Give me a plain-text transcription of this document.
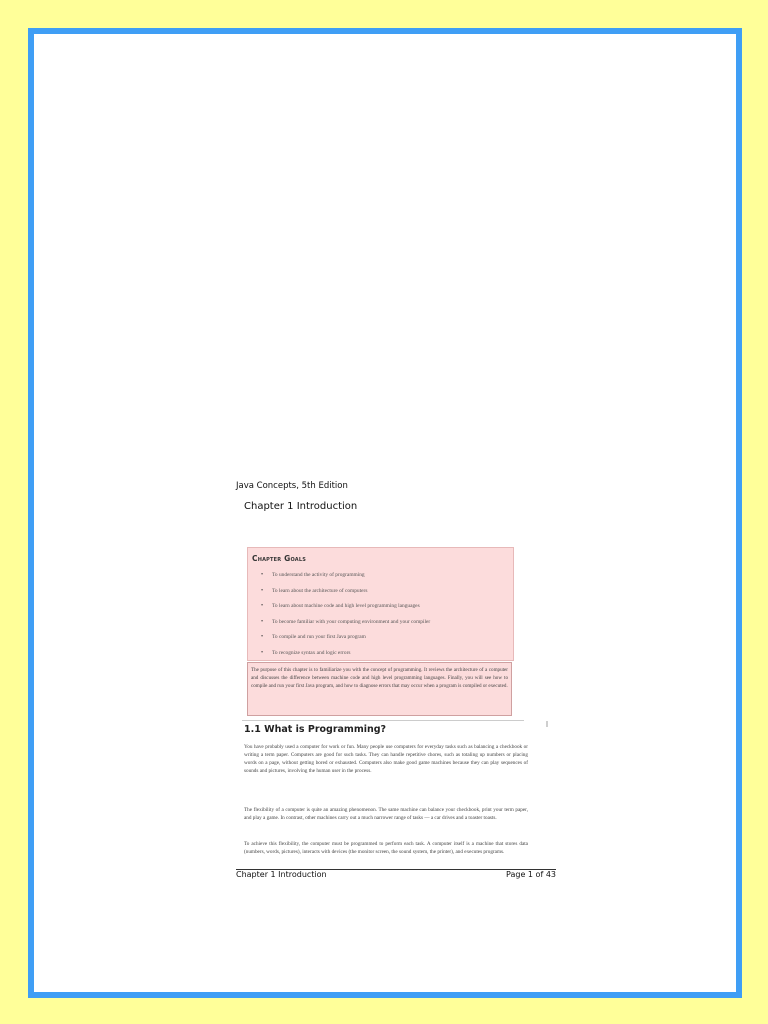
Java Concepts, 5th Edition
Chapter 1 Introduction
Chapter Goals
• To understand the activity of programming
• To learn about the architecture of computers
• To learn about machine code and high level programming languages
• To become familiar with your computing environment and your compiler
• To compile and run your first Java program
• To recognize syntax and logic errors
The purpose of this chapter is to familiarize you with the concept of programming. It reviews the architecture of a computer and discusses the difference between machine code and high level programming languages. Finally, you will see how to compile and run your first Java program, and how to diagnose errors that may occur when a program is compiled or executed.
1.1 What is Programming?
You have probably used a computer for work or fun. Many people use computers for everyday tasks such as balancing a checkbook or writing a term paper. Computers are good for such tasks. They can handle repetitive chores, such as totaling up numbers or placing words on a page, without getting bored or exhausted. Computers also make good game machines because they can play sequences of sounds and pictures, involving the human user in the process.
The flexibility of a computer is quite an amazing phenomenon. The same machine can balance your checkbook, print your term paper, and play a game. In contrast, other machines carry out a much narrower range of tasks — a car drives and a toaster toasts.
To achieve this flexibility, the computer must be programmed to perform each task. A computer itself is a machine that stores data (numbers, words, pictures), interacts with devices (the monitor screen, the sound system, the printer), and executes programs.
Chapter 1 Introduction	Page 1 of 43
